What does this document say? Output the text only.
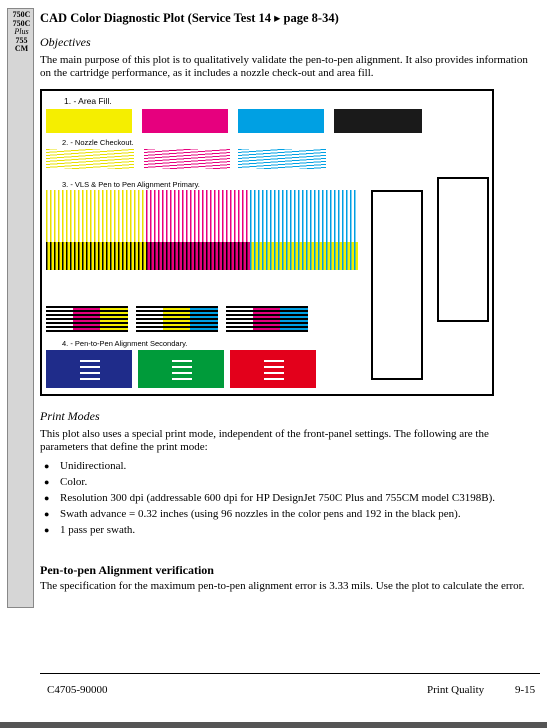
750C
750C
Plus
755
CM
CAD Color Diagnostic Plot (Service Test 14 ▸ page 8-34)
Objectives
The main purpose of this plot is to qualitatively validate the pen-to-pen alignment. It also provides information on the cartridge performance, as it includes a nozzle check-out and area fill.
1. - Area Fill.
2. - Nozzle Checkout.
3. - VLS & Pen to Pen Alignment Primary.
4. - Pen-to-Pen Alignment Secondary.
Print Modes
This plot also uses a special print mode, independent of the front-panel settings. The following are the parameters that define the print mode:
● Unidirectional.
● Color.
● Resolution 300 dpi (addressable 600 dpi for HP DesignJet 750C Plus and 755CM model C3198B).
● Swath advance = 0.32 inches (using 96 nozzles in the color pens and 192 in the black pen).
● 1 pass per swath.
Pen-to-pen Alignment verification
The specification for the maximum pen-to-pen alignment error is 3.33 mils. Use the plot to calculate the error.
C4705-90000	Print Quality	9-15
